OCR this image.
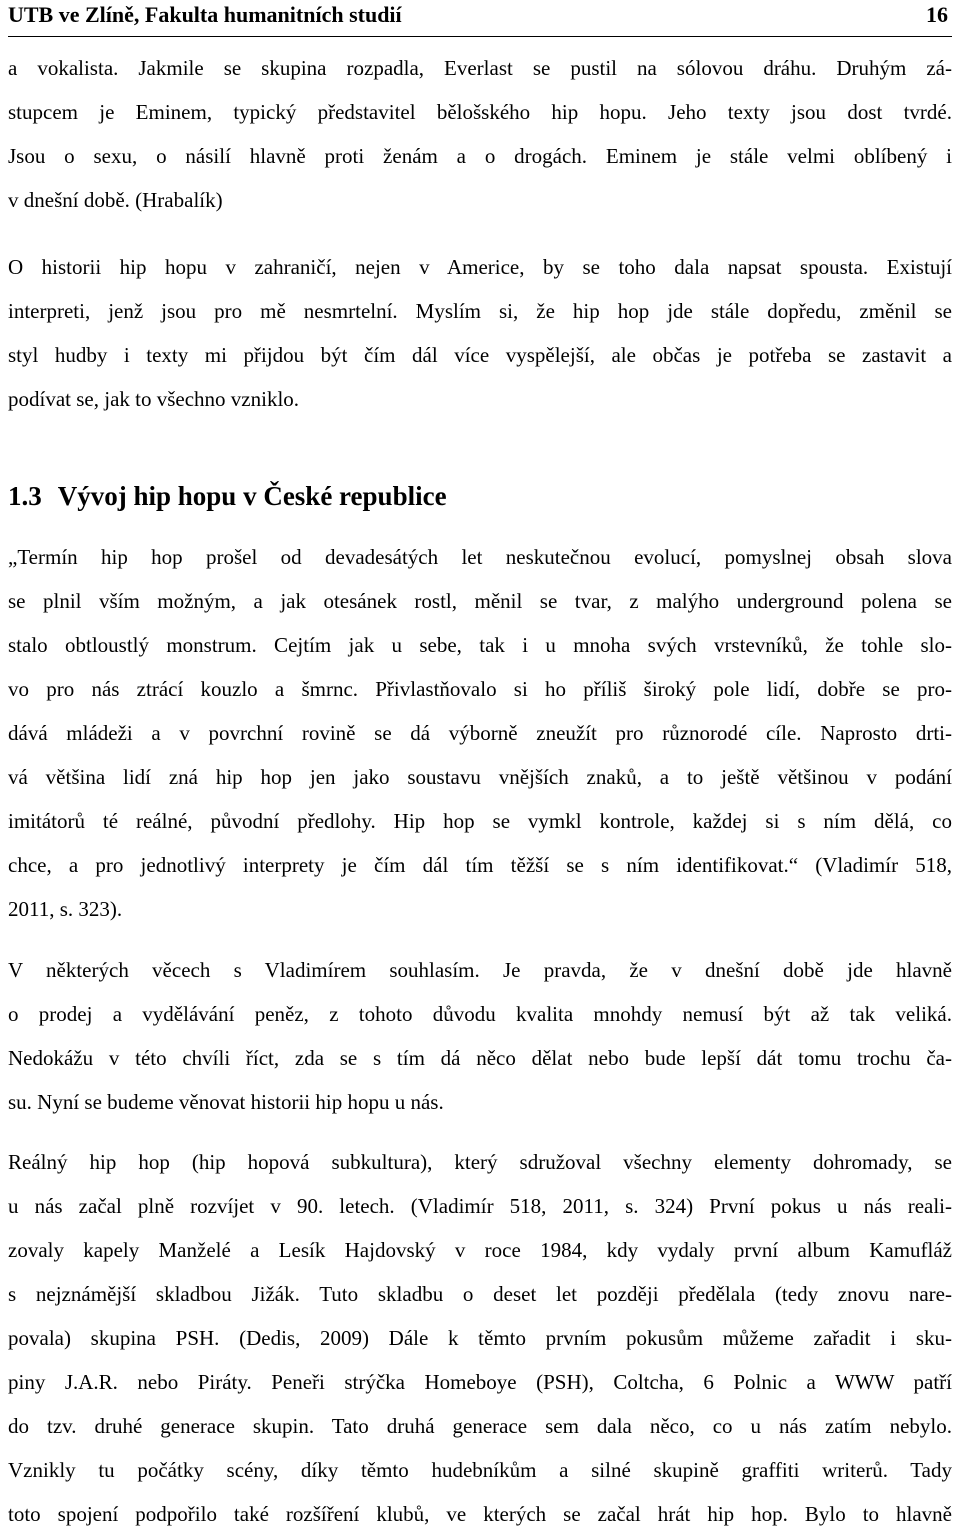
UTB ve Zlíně, Fakulta humanitních studií	16

a vokalista. Jakmile se skupina rozpadla, Everlast se pustil na sólovou dráhu. Druhým zá-
stupcem je Eminem, typický představitel bělošského hip hopu. Jeho texty jsou dost tvrdé.
Jsou o sexu, o násilí hlavně proti ženám a o drogách. Eminem je stále velmi oblíbený i
v dnešní době. (Hrabalík)

O historii hip hopu v zahraničí, nejen v Americe, by se toho dala napsat spousta. Existují
interpreti, jenž jsou pro mě nesmrtelní. Myslím si, že hip hop jde stále dopředu, změnil se
styl hudby i texty mi přijdou být čím dál více vyspělejší, ale občas je potřeba se zastavit a
podívat se, jak to všechno vzniklo.

1.3 Vývoj hip hopu v České republice

„Termín hip hop prošel od devadesátých let neskutečnou evolucí, pomyslnej obsah slova
se plnil vším možným, a jak otesánek rostl, měnil se tvar, z malýho underground polena se
stalo obtloustlý monstrum. Cejtím jak u sebe, tak i u mnoha svých vrstevníků, že tohle slo-
vo pro nás ztrácí kouzlo a šmrnc. Přivlastňovalo si ho příliš široký pole lidí, dobře se pro-
dává mládeži a v povrchní rovině se dá výborně zneužít pro různorodé cíle. Naprosto drti-
vá většina lidí zná hip hop jen jako soustavu vnějších znaků, a to ještě většinou v podání
imitátorů té reálné, původní předlohy. Hip hop se vymkl kontrole, každej si s ním dělá, co
chce, a pro jednotlivý interprety je čím dál tím těžší se s ním identifikovat.“ (Vladimír 518,
2011, s. 323).

V některých věcech s Vladimírem souhlasím. Je pravda, že v dnešní době jde hlavně
o prodej a vydělávání peněz, z tohoto důvodu kvalita mnohdy nemusí být až tak veliká.
Nedokážu v této chvíli říct, zda se s tím dá něco dělat nebo bude lepší dát tomu trochu ča-
su. Nyní se budeme věnovat historii hip hopu u nás.

Reálný hip hop (hip hopová subkultura), který sdružoval všechny elementy dohromady, se
u nás začal plně rozvíjet v 90. letech. (Vladimír 518, 2011, s. 324) První pokus u nás reali-
zovaly kapely Manželé a Lesík Hajdovský v roce 1984, kdy vydaly první album Kamufláž
s nejznámější skladbou Jižák. Tuto skladbu o deset let později předělala (tedy znovu nare-
povala) skupina PSH. (Dedis, 2009) Dále k těmto prvním pokusům můžeme zařadit i sku-
piny J.A.R. nebo Piráty. Peneři strýčka Homeboye (PSH), Coltcha, 6 Polnic a WWW patří
do tzv. druhé generace skupin. Tato druhá generace sem dala něco, co u nás zatím nebylo.
Vznikly tu počátky scény, díky těmto hudebníkům a silné skupině graffiti writerů. Tady
toto spojení podpořilo také rozšíření klubů, ve kterých se začal hrát hip hop. Bylo to hlavně
